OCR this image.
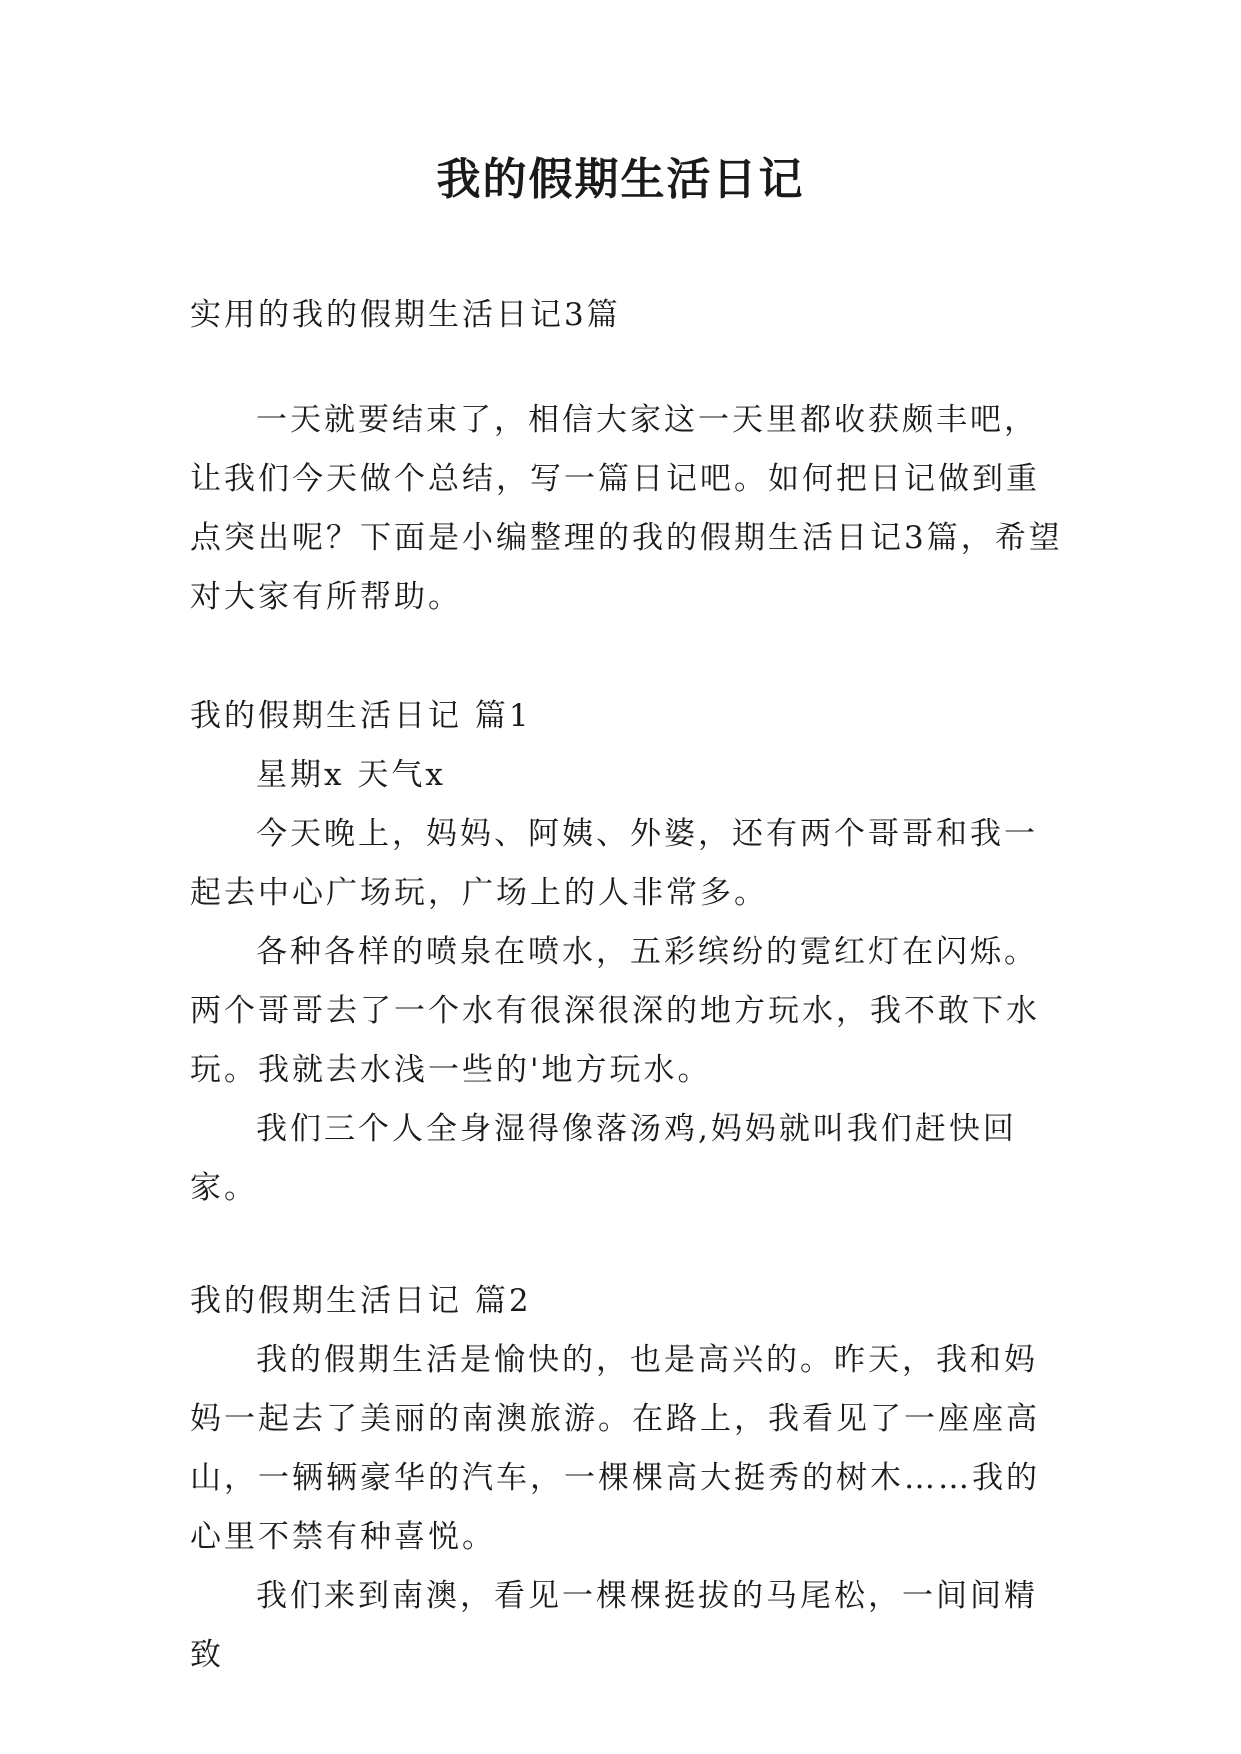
我的假期生活日记

实用的我的假期生活日记3篇

一天就要结束了，相信大家这一天里都收获颇丰吧，让我们今天做个总结，写一篇日记吧。如何把日记做到重点突出呢？下面是小编整理的我的假期生活日记3篇，希望对大家有所帮助。

我的假期生活日记 篇1

星期x 天气x

今天晚上，妈妈、阿姨、外婆，还有两个哥哥和我一起去中心广场玩，广场上的人非常多。

各种各样的喷泉在喷水，五彩缤纷的霓红灯在闪烁。两个哥哥去了一个水有很深很深的地方玩水，我不敢下水玩。我就去水浅一些的'地方玩水。

我们三个人全身湿得像落汤鸡,妈妈就叫我们赶快回家。

我的假期生活日记 篇2

我的假期生活是愉快的，也是高兴的。昨天，我和妈妈一起去了美丽的南澳旅游。在路上，我看见了一座座高山，一辆辆豪华的汽车，一棵棵高大挺秀的树木……我的心里不禁有种喜悦。

我们来到南澳，看见一棵棵挺拔的马尾松，一间间精致
